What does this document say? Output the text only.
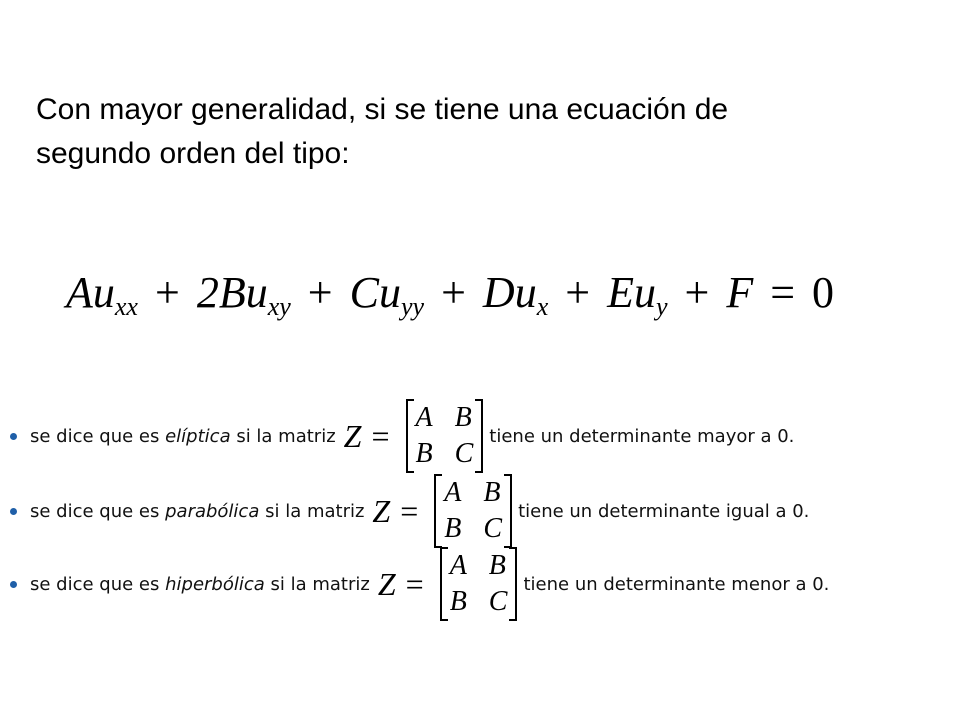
Con mayor generalidad, si se tiene una ecuación de
segundo orden del tipo:
$Au_{xx} + 2Bu_{xy} + Cu_{yy} + Du_x + Eu_y + F = 0$
se dice que es elíptica si la matriz Z = A B
B C
tiene un determinante mayor a 0.
se dice que es parabólica si la matriz Z = A B
B C
tiene un determinante igual a 0.
se dice que es hiperbólica si la matriz Z = A B
B C
tiene un determinante menor a 0.
